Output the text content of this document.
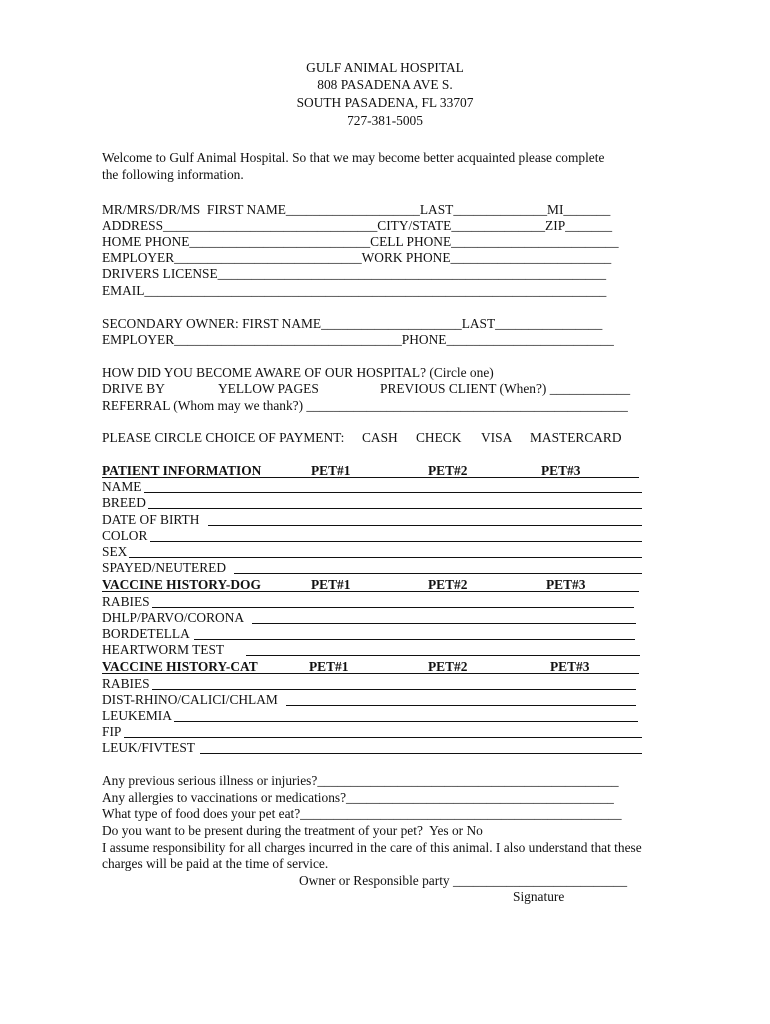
GULF ANIMAL HOSPITAL
808 PASADENA AVE S.
SOUTH PASADENA, FL 33707
727-381-5005
Welcome to Gulf Animal Hospital. So that we may become better acquainted please complete
the following information.
MR/MRS/DR/MS  FIRST NAME____________________LAST______________MI_______
ADDRESS________________________________CITY/STATE______________ZIP_______
HOME PHONE___________________________CELL PHONE_________________________
EMPLOYER____________________________WORK PHONE________________________
DRIVERS LICENSE__________________________________________________________
EMAIL_____________________________________________________________________
SECONDARY OWNER: FIRST NAME_____________________LAST________________
EMPLOYER__________________________________PHONE_________________________
HOW DID YOU BECOME AWARE OF OUR HOSPITAL? (Circle one)
DRIVE BY	YELLOW PAGES	PREVIOUS CLIENT (When?) ____________
REFERRAL (Whom may we thank?) ________________________________________________
PLEASE CIRCLE CHOICE OF PAYMENT: CASH CHECK VISA MASTERCARD
PATIENT INFORMATION	PET#1	PET#2	PET#3
NAME
BREED
DATE OF BIRTH
COLOR
SEX
SPAYED/NEUTERED
VACCINE HISTORY-DOG	PET#1	PET#2	PET#3
RABIES
DHLP/PARVO/CORONA
BORDETELLA
HEARTWORM TEST
VACCINE HISTORY-CAT	PET#1	PET#2	PET#3
RABIES
DIST-RHINO/CALICI/CHLAM
LEUKEMIA
FIP
LEUK/FIVTEST
Any previous serious illness or injuries?_____________________________________________
Any allergies to vaccinations or medications?________________________________________
What type of food does your pet eat?________________________________________________
Do you want to be present during the treatment of your pet?  Yes or No
I assume responsibility for all charges incurred in the care of this animal. I also understand that these
charges will be paid at the time of service.
Owner or Responsible party __________________________
Signature
